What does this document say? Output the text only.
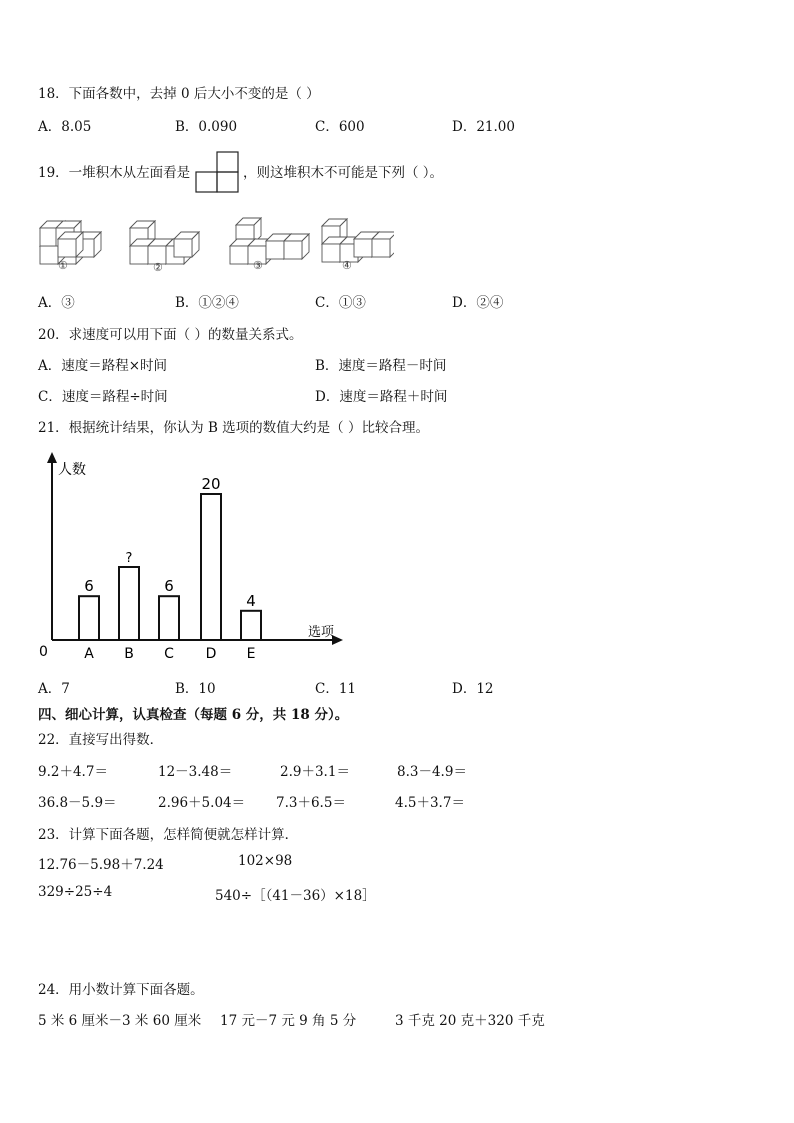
18．下面各数中，去掉 0 后大小不变的是（ ）
A．8.05	B．0.090	C．600	D．21.00
19．一堆积木从左面看是	，则这堆积木不可能是下列（ ）。
①	②	③	④
A．③	B．①②④	C．①③	D．②④
20．求速度可以用下面（ ）的数量关系式。
A．速度＝路程×时间	B．速度＝路程－时间
C．速度＝路程÷时间	D．速度＝路程＋时间
21．根据统计结果，你认为 B 选项的数值大约是（ ）比较合理。
6
A
?
B
6
C
20
D
4
E
人数
选项
0
A．7	B．10	C．11	D．12
四、细心计算，认真检查（每题 6 分，共 18 分）。
22．直接写出得数．
9.2＋4.7＝	12－3.48＝	2.9＋3.1＝	8.3－4.9＝
36.8－5.9＝	2.96＋5.04＝ 7.3＋6.5＝	4.5＋3.7＝
23．计算下面各题，怎样简便就怎样计算．
12.76－5.98＋7.24	102×98
329÷25÷4	540÷［（41－36）×18］
24．用小数计算下面各题。
5 米 6 厘米－3 米 60 厘米 17 元－7 元 9 角 5 分	3 千克 20 克＋320 千克
